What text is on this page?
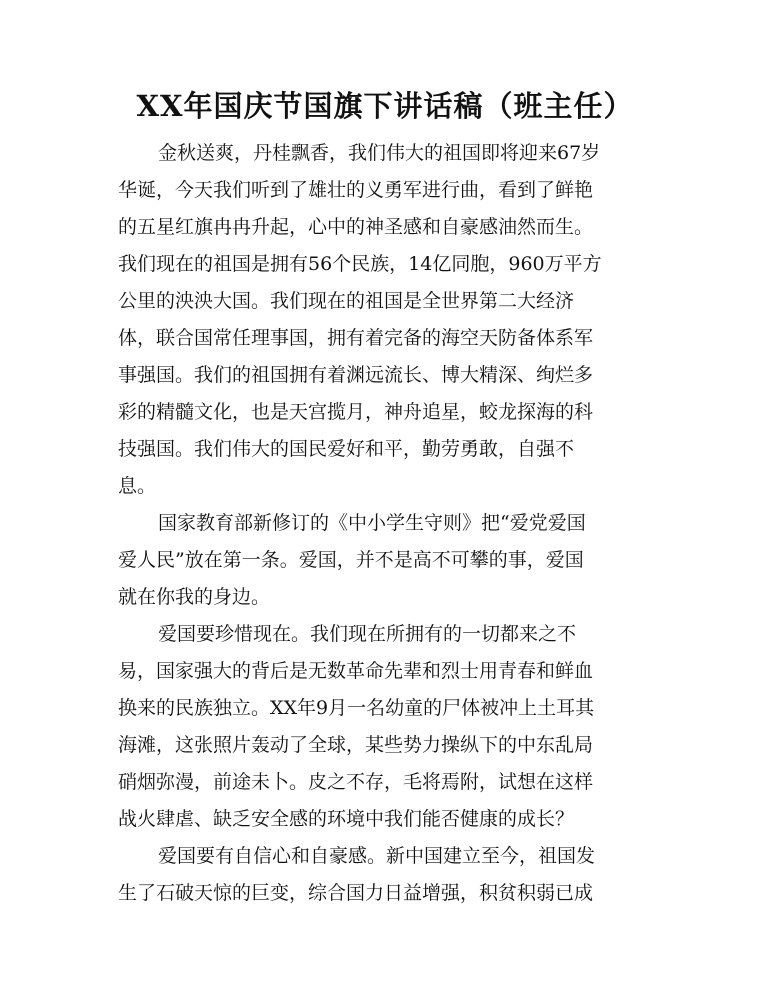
XX年国庆节国旗下讲话稿（班主任）
金秋送爽，丹桂飘香，我们伟大的祖国即将迎来67岁
华诞，今天我们听到了雄壮的义勇军进行曲，看到了鲜艳
的五星红旗冉冉升起，心中的神圣感和自豪感油然而生。
我们现在的祖国是拥有56个民族，14亿同胞，960万平方
公里的泱泱大国。我们现在的祖国是全世界第二大经济
体，联合国常任理事国，拥有着完备的海空天防备体系军
事强国。我们的祖国拥有着渊远流长、博大精深、绚烂多
彩的精髓文化，也是天宫揽月，神舟追星，蛟龙探海的科
技强国。我们伟大的国民爱好和平，勤劳勇敢，自强不
息。
国家教育部新修订的《中小学生守则》把“爱党爱国
爱人民”放在第一条。爱国，并不是高不可攀的事，爱国
就在你我的身边。
爱国要珍惜现在。我们现在所拥有的一切都来之不
易，国家强大的背后是无数革命先辈和烈士用青春和鲜血
换来的民族独立。XX年9月一名幼童的尸体被冲上土耳其
海滩，这张照片轰动了全球，某些势力操纵下的中东乱局
硝烟弥漫，前途未卜。皮之不存，毛将焉附，试想在这样
战火肆虐、缺乏安全感的环境中我们能否健康的成长？
爱国要有自信心和自豪感。新中国建立至今，祖国发
生了石破天惊的巨变，综合国力日益增强，积贫积弱已成
